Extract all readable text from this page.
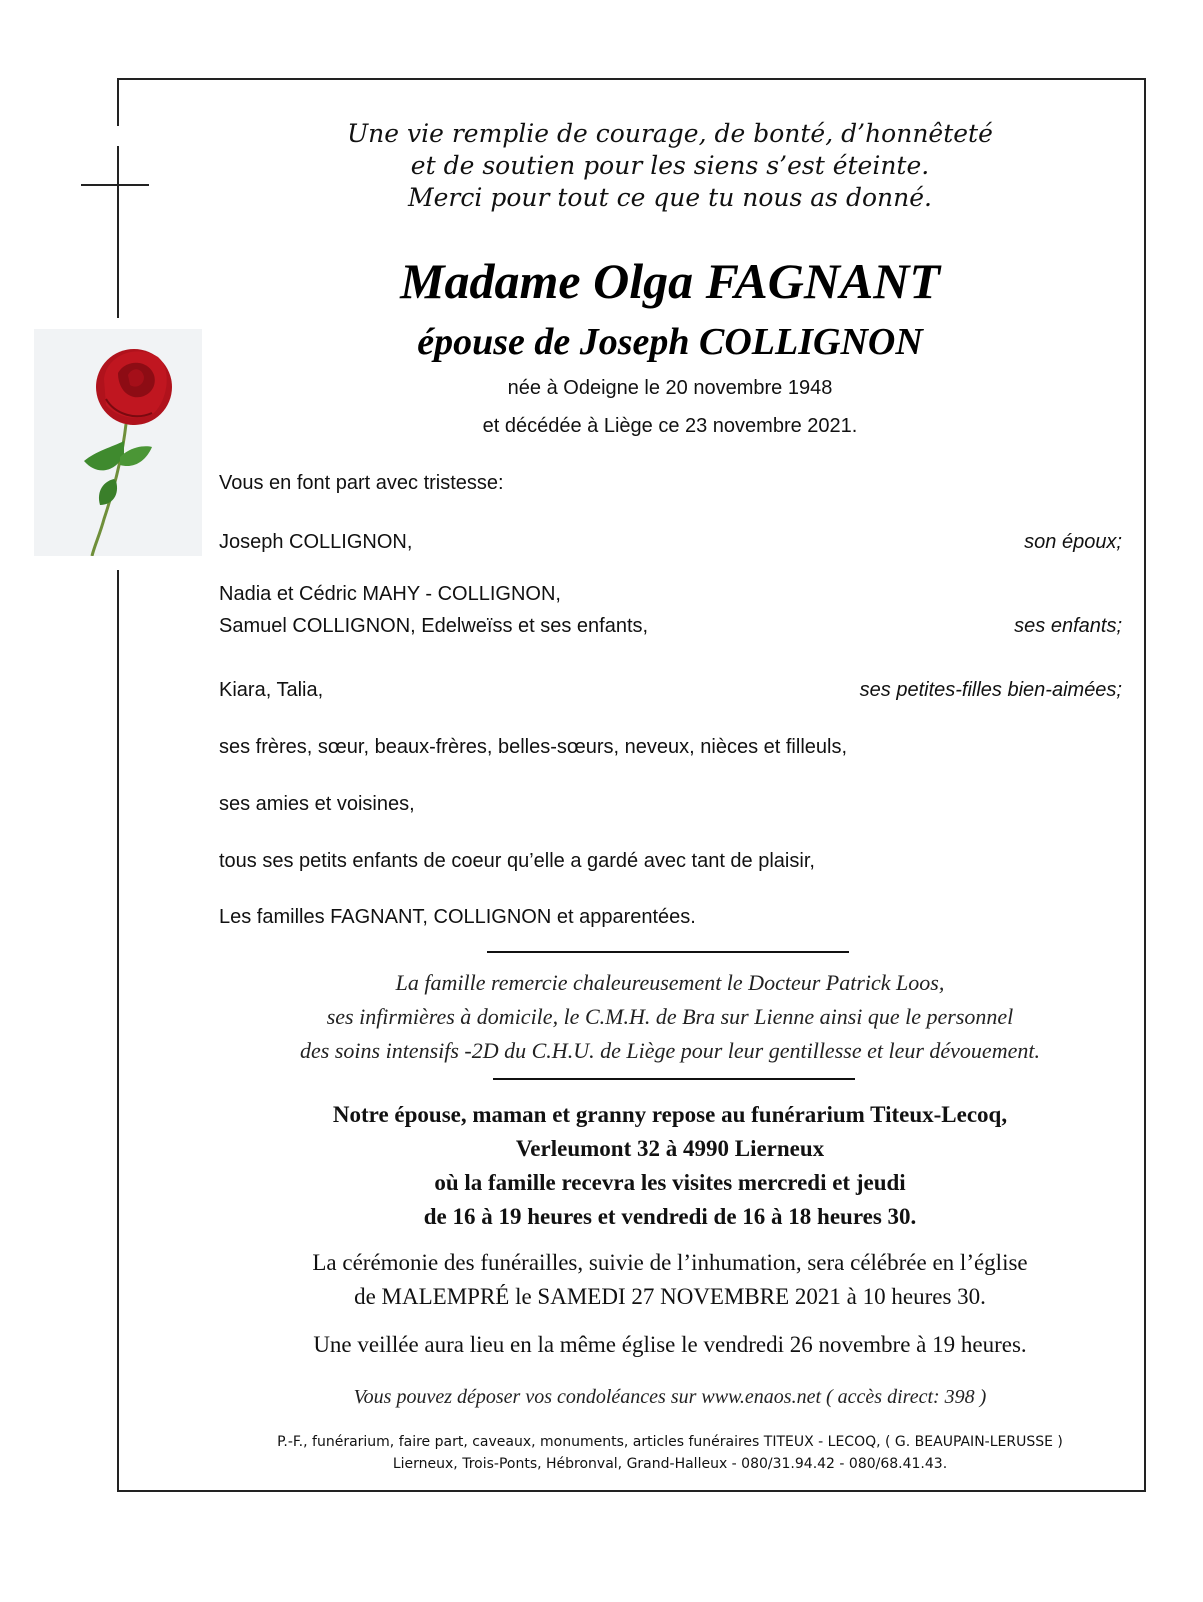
Une vie remplie de courage, de bonté, d’honnêteté
et de soutien pour les siens s’est éteinte.
Merci pour tout ce que tu nous as donné.
Madame Olga FAGNANT
épouse de Joseph COLLIGNON
née à Odeigne le 20 novembre 1948
et décédée à Liège ce 23 novembre 2021.
Vous en font part avec tristesse:
Joseph COLLIGNON,	son époux;
Nadia et Cédric MAHY - COLLIGNON,
Samuel COLLIGNON, Edelweïss et ses enfants,	ses enfants;
Kiara, Talia,	ses petites-filles bien-aimées;
ses frères, sœur, beaux-frères, belles-sœurs, neveux, nièces et filleuls,
ses amies et voisines,
tous ses petits enfants de coeur qu’elle a gardé avec tant de plaisir,
Les familles FAGNANT, COLLIGNON et apparentées.
La famille remercie chaleureusement le Docteur Patrick Loos,
ses infirmières à domicile, le C.M.H. de Bra sur Lienne ainsi que le personnel
des soins intensifs -2D du C.H.U. de Liège pour leur gentillesse et leur dévouement.
Notre épouse, maman et granny repose au funérarium Titeux-Lecoq,
Verleumont 32 à 4990 Lierneux
où la famille recevra les visites mercredi et jeudi
de 16 à 19 heures et vendredi de 16 à 18 heures 30.
La cérémonie des funérailles, suivie de l’inhumation, sera célébrée en l’église
de MALEMPRÉ le SAMEDI 27 NOVEMBRE 2021 à 10 heures 30.
Une veillée aura lieu en la même église le vendredi 26 novembre à 19 heures.
Vous pouvez déposer vos condoléances sur www.enaos.net ( accès direct: 398 )
P.-F., funérarium, faire part, caveaux, monuments, articles funéraires TITEUX - LECOQ, ( G. BEAUPAIN-LERUSSE )
Lierneux, Trois-Ponts, Hébronval, Grand-Halleux - 080/31.94.42 - 080/68.41.43.
